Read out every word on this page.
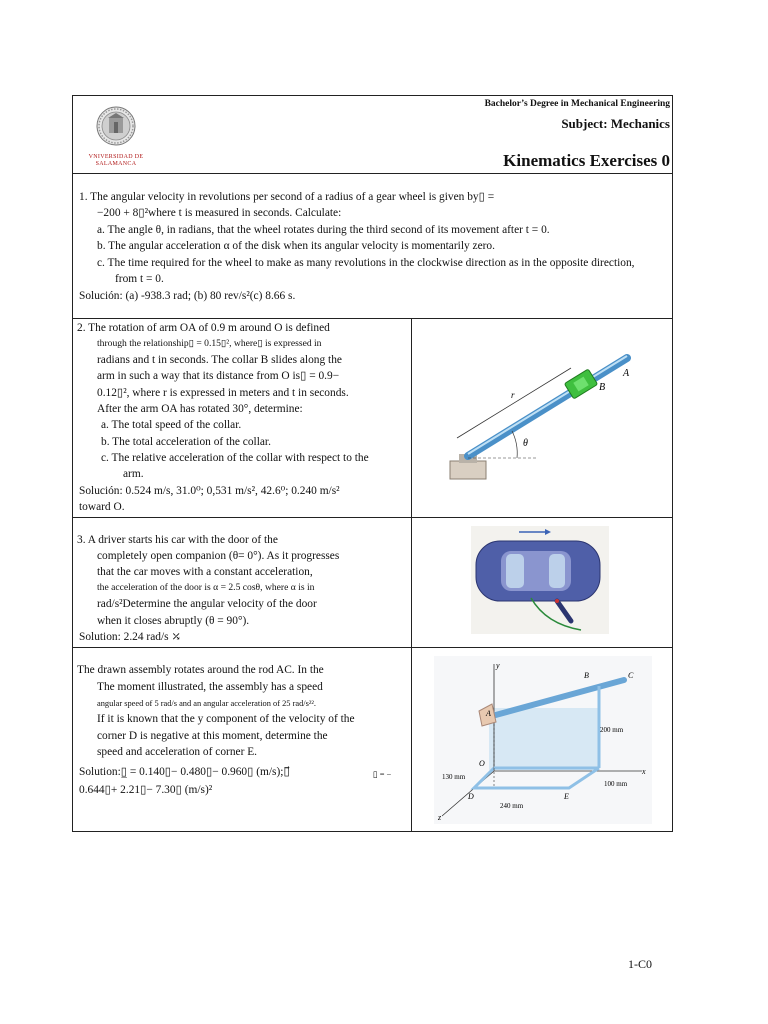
VNIVERSIDAD DE
SALAMANCA
Bachelor’s Degree in Mechanical Engineering
Subject: Mechanics
Kinematics Exercises 0
1. The angular velocity in revolutions per second of a radius of a gear wheel is given by▯ =
−200 + 8▯²where t is measured in seconds. Calculate:
a. The angle θ, in radians, that the wheel rotates during the third second of its movement after t = 0.
b. The angular acceleration α of the disk when its angular velocity is momentarily zero.
c. The time required for the wheel to make as many revolutions in the clockwise direction as in the opposite direction,
from t = 0.
Solución: (a) -938.3 rad; (b) 80 rev/s²(c) 8.66 s.
2. The rotation of arm OA of 0.9 m around O is defined
through the relationship▯ = 0.15▯², where▯ is expressed in
radians and t in seconds. The collar B slides along the
arm in such a way that its distance from O is▯ = 0.9−
0.12▯², where r is expressed in meters and t in seconds.
After the arm OA has rotated 30°, determine:
a. The total speed of the collar.
b. The total acceleration of the collar.
c. The relative acceleration of the collar with respect to the
arm.
Solución: 0.524 m/s, 31.0⁰; 0,531 m/s², 42.6⁰; 0.240 m/s²
toward O.
θ
r
A
B
3. A driver starts his car with the door of the
completely open companion (θ= 0°). As it progresses
that the car moves with a constant acceleration,
the acceleration of the door is α = 2.5 cosθ, where α is in
rad/s²Determine the angular velocity of the door
when it closes abruptly (θ = 90°).
Solution: 2.24 rad/s ⤰
The drawn assembly rotates around the rod AC. In the
The moment illustrated, the assembly has a speed
angular speed of 5 rad/s and an angular acceleration of 25 rad/s²².
If it is known that the y component of the velocity of the
corner D is negative at this moment, determine the
speed and acceleration of corner E.
Solution:▯̲ = 0.140▯− 0.480▯− 0.960▯ (m/s);▯⃗	▯ = −
0.644▯+ 2.21▯− 7.30▯ (m/s)²
y
x
z
A
B	C
O
D	E
200 mm
130 mm
100 mm
240 mm
1-C0
